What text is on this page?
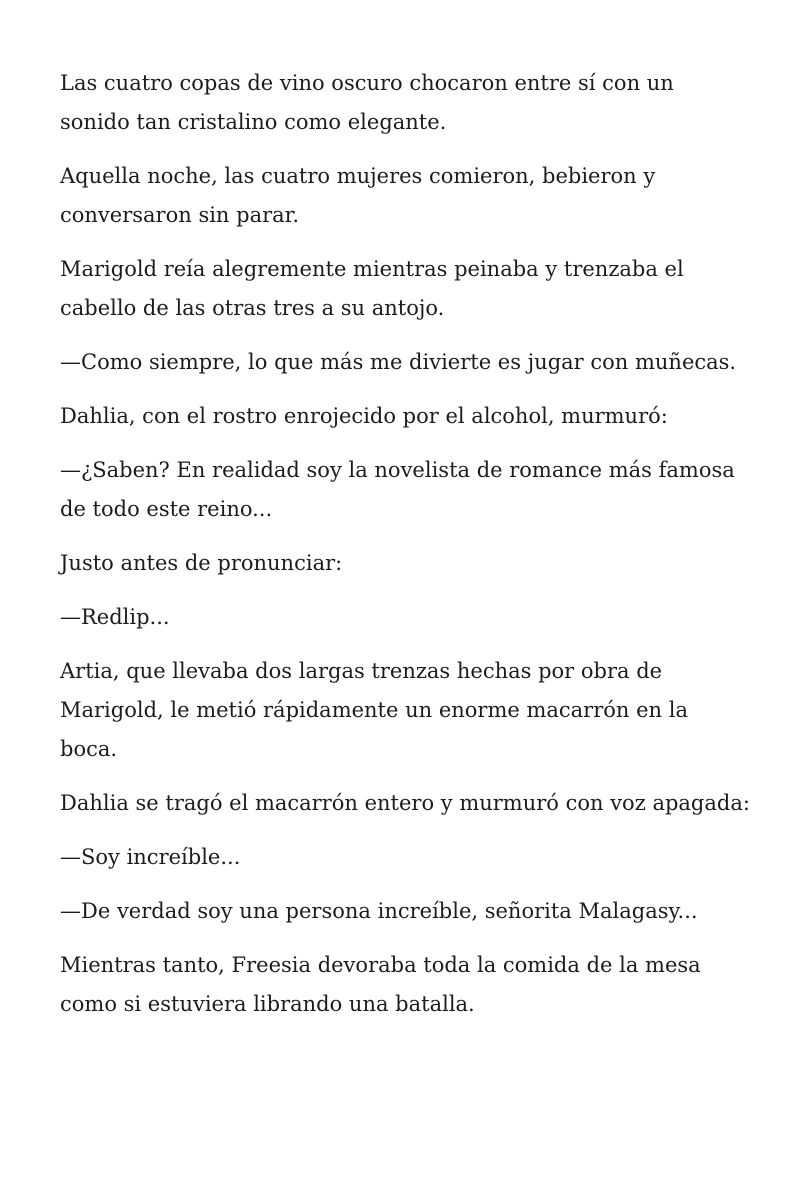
Las cuatro copas de vino oscuro chocaron entre sí con un sonido tan cristalino como elegante.

Aquella noche, las cuatro mujeres comieron, bebieron y conversaron sin parar.

Marigold reía alegremente mientras peinaba y trenzaba el cabello de las otras tres a su antojo.

—Como siempre, lo que más me divierte es jugar con muñecas.

Dahlia, con el rostro enrojecido por el alcohol, murmuró:

—¿Saben? En realidad soy la novelista de romance más famosa de todo este reino...

Justo antes de pronunciar:

—Redlip...

Artia, que llevaba dos largas trenzas hechas por obra de Marigold, le metió rápidamente un enorme macarrón en la boca.

Dahlia se tragó el macarrón entero y murmuró con voz apagada:

—Soy increíble...

—De verdad soy una persona increíble, señorita Malagasy...

Mientras tanto, Freesia devoraba toda la comida de la mesa como si estuviera librando una batalla.
